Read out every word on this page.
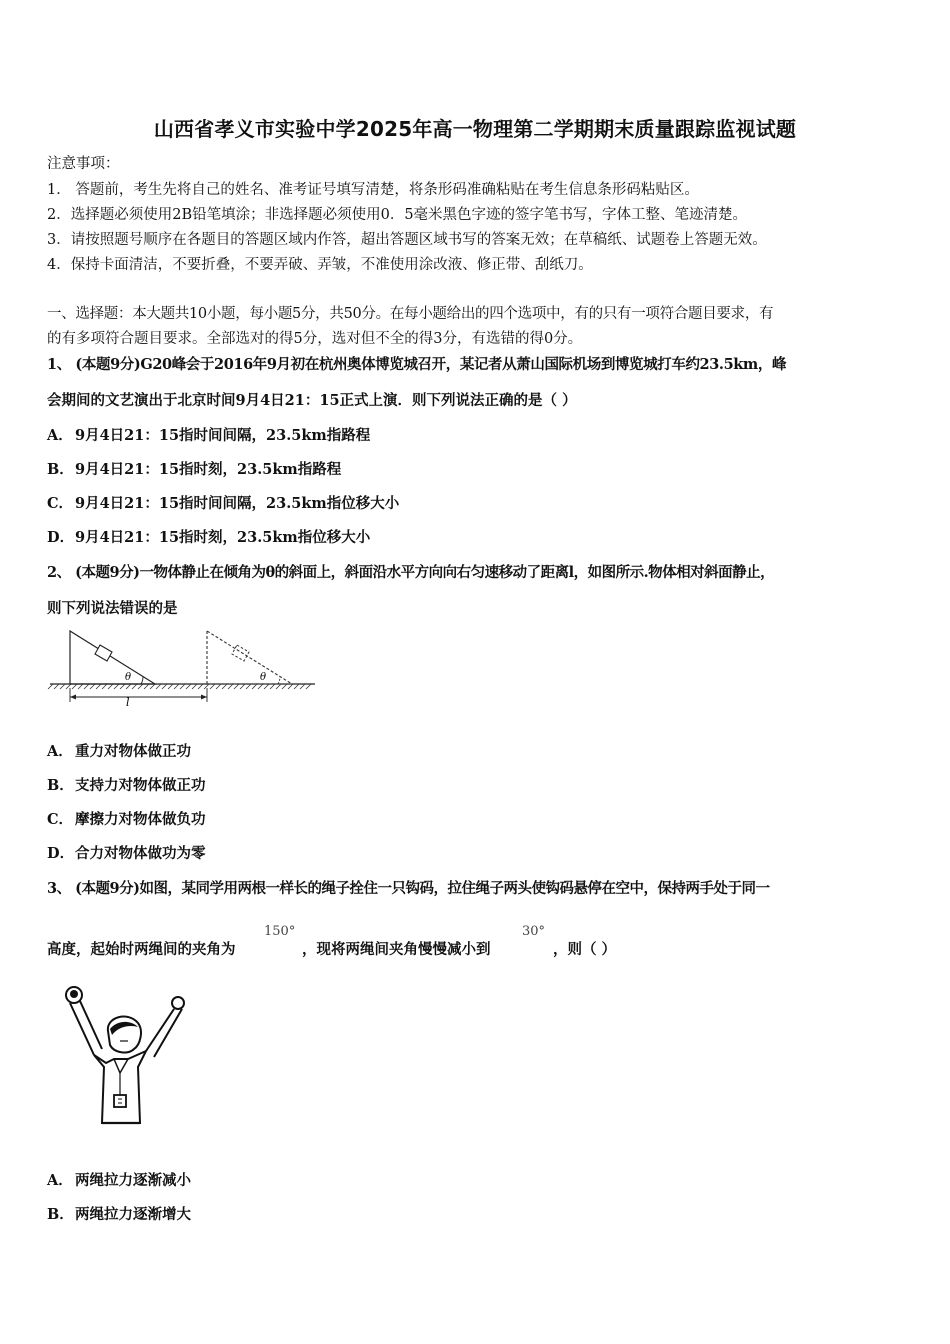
山西省孝义市实验中学2025年高一物理第二学期期末质量跟踪监视试题
注意事项：
1． 答题前，考生先将自己的姓名、准考证号填写清楚，将条形码准确粘贴在考生信息条形码粘贴区。
2．选择题必须使用2B铅笔填涂；非选择题必须使用0．5毫米黑色字迹的签字笔书写，字体工整、笔迹清楚。
3．请按照题号顺序在各题目的答题区域内作答，超出答题区域书写的答案无效；在草稿纸、试题卷上答题无效。
4．保持卡面清洁，不要折叠，不要弄破、弄皱，不准使用涂改液、修正带、刮纸刀。
一、选择题：本大题共10小题，每小题5分，共50分。在每小题给出的四个选项中，有的只有一项符合题目要求，有
的有多项符合题目要求。全部选对的得5分，选对但不全的得3分，有选错的得0分。
1、 (本题9分)G20峰会于2016年9月初在杭州奥体博览城召开，某记者从萧山国际机场到博览城打车约23.5km，峰
会期间的文艺演出于北京时间9月4日21：15正式上演．则下列说法正确的是（ ）
A． 9月4日21：15指时间间隔，23.5km指路程
B．9月4日21：15指时刻，23.5km指路程
C． 9月4日21：15指时间间隔，23.5km指位移大小
D．9月4日21：15指时刻，23.5km指位移大小
2、 (本题9分)一物体静止在倾角为θ的斜面上，斜面沿水平方向向右匀速移动了距离l，如图所示.物体相对斜面静止，
则下列说法错误的是
θ	θ
l
A． 重力对物体做正功
B．支持力对物体做正功
C． 摩擦力对物体做负功
D．合力对物体做功为零
3、 (本题9分)如图，某同学用两根一样长的绳子拴住一只钩码，拉住绳子两头使钩码悬停在空中，保持两手处于同一
高度，起始时两绳间的夹角为
150°
，现将两绳间夹角慢慢减小到
30°
，则（ ）
A． 两绳拉力逐渐减小
B．两绳拉力逐渐增大
